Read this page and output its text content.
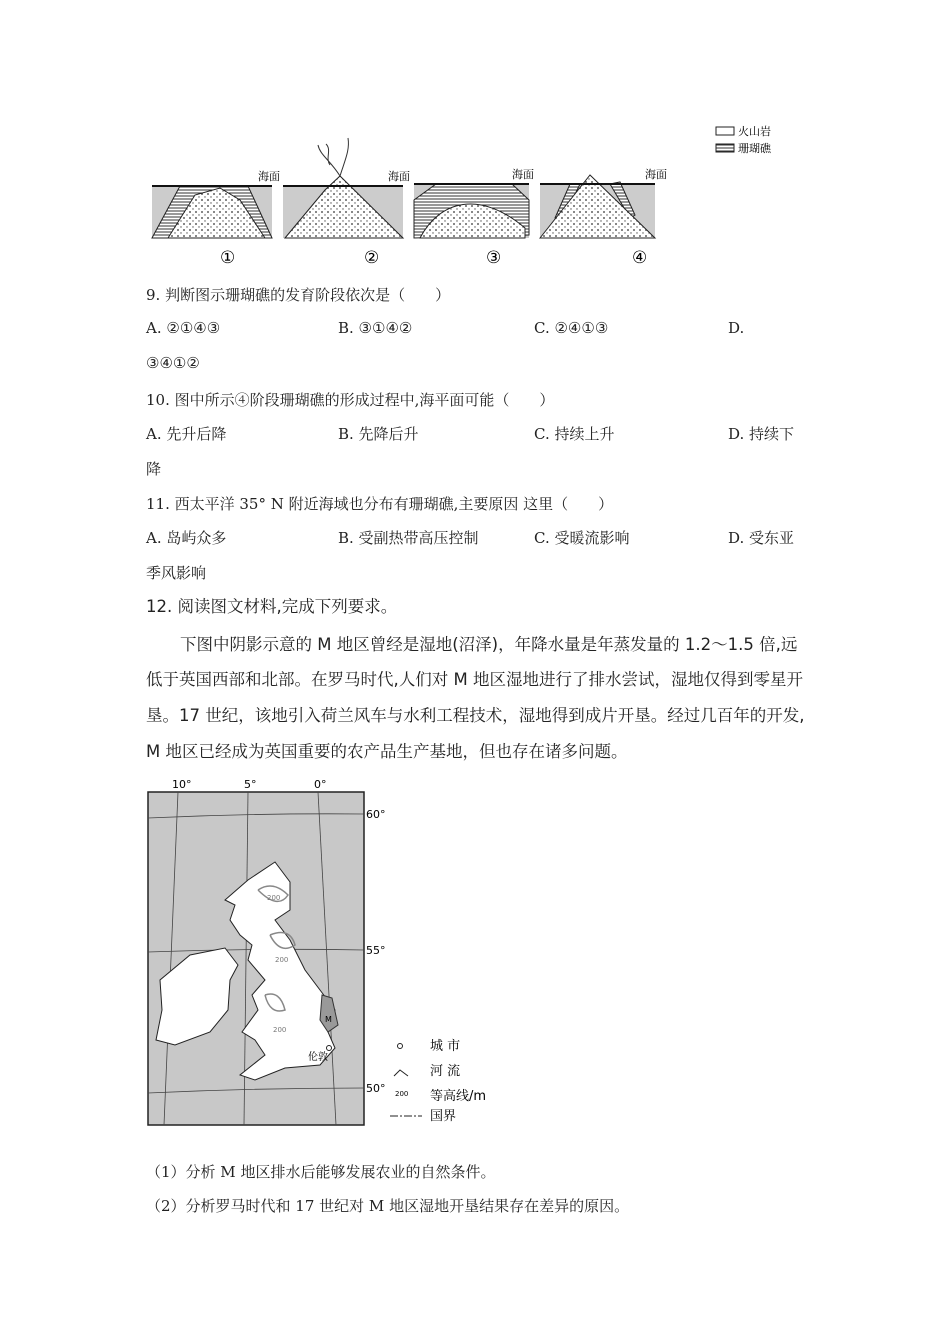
海面
①
海面
②
海面
③
海面
④
火山岩
珊瑚礁
9. 判断图示珊瑚礁的发育阶段依次是（　　）
A. ②①④③	B. ③①④②	C. ②④①③	D.
③④①②
10. 图中所示④阶段珊瑚礁的形成过程中,海平面可能（　　）
A. 先升后降	B. 先降后升	C. 持续上升	D. 持续下
降
11. 西太平洋 35° N 附近海域也分布有珊瑚礁,主要原因 这里（　　）
A. 岛屿众多	B. 受副热带高压控制	C. 受暖流影响	D. 受东亚
季风影响
12. 阅读图文材料,完成下列要求。
下图中阴影示意的 M 地区曾经是湿地(沼泽)，年降水量是年蒸发量的 1.2～1.5 倍,远
低于英国西部和北部。在罗马时代,人们对 M 地区湿地进行了排水尝试，湿地仅得到零星开
垦。17 世纪，该地引入荷兰风车与水利工程技术，湿地得到成片开垦。经过几百年的开发,
M 地区已经成为英国重要的农产品生产基地，但也存在诸多问题。
10°	5°	0°
60°
55°
50°
M
200
200
200
伦敦
城 市
河 流
200 等高线/m
国界
（1）分析 M 地区排水后能够发展农业的自然条件。
（2）分析罗马时代和 17 世纪对 M 地区湿地开垦结果存在差异的原因。
